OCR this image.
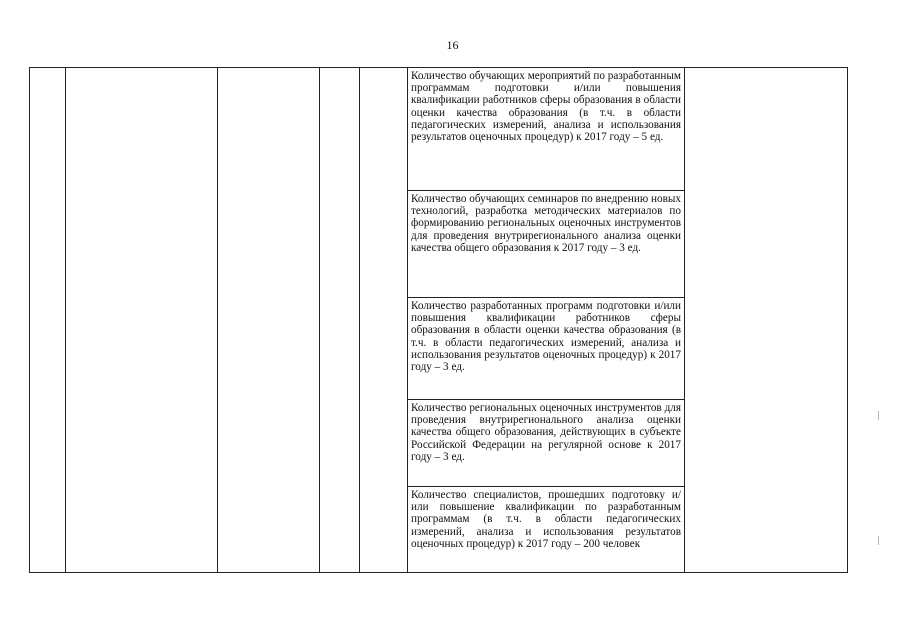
16

Количество обучающих мероприятий по разработанным программам подготовки и/или повышения квалификации работников сферы образования в области оценки качества образования (в т.ч. в области педагогических измерений, анализа и использования результатов оценочных процедур) к 2017 году – 5 ед.

Количество обучающих семинаров по внедрению новых технологий, разработка методических материалов по формированию региональных оценочных инструментов для проведения внутрирегионального анализа оценки качества общего образования к 2017 году – 3 ед.

Количество разработанных программ подготовки и/или повышения квалификации работников сферы образования в области оценки качества образования (в т.ч. в области педагогических измерений, анализа и использования результатов оценочных процедур) к 2017 году – 3 ед.

Количество региональных оценочных инструментов для проведения внутрирегионального анализа оценки качества общего образования, действующих в субъекте Российской Федерации на регулярной основе к 2017 году – 3 ед.

Количество специалистов, прошедших подготовку и/или повышение квалификации по разработанным программам (в т.ч. в области педагогических измерений, анализа и использования результатов оценочных процедур) к 2017 году – 200 человек
